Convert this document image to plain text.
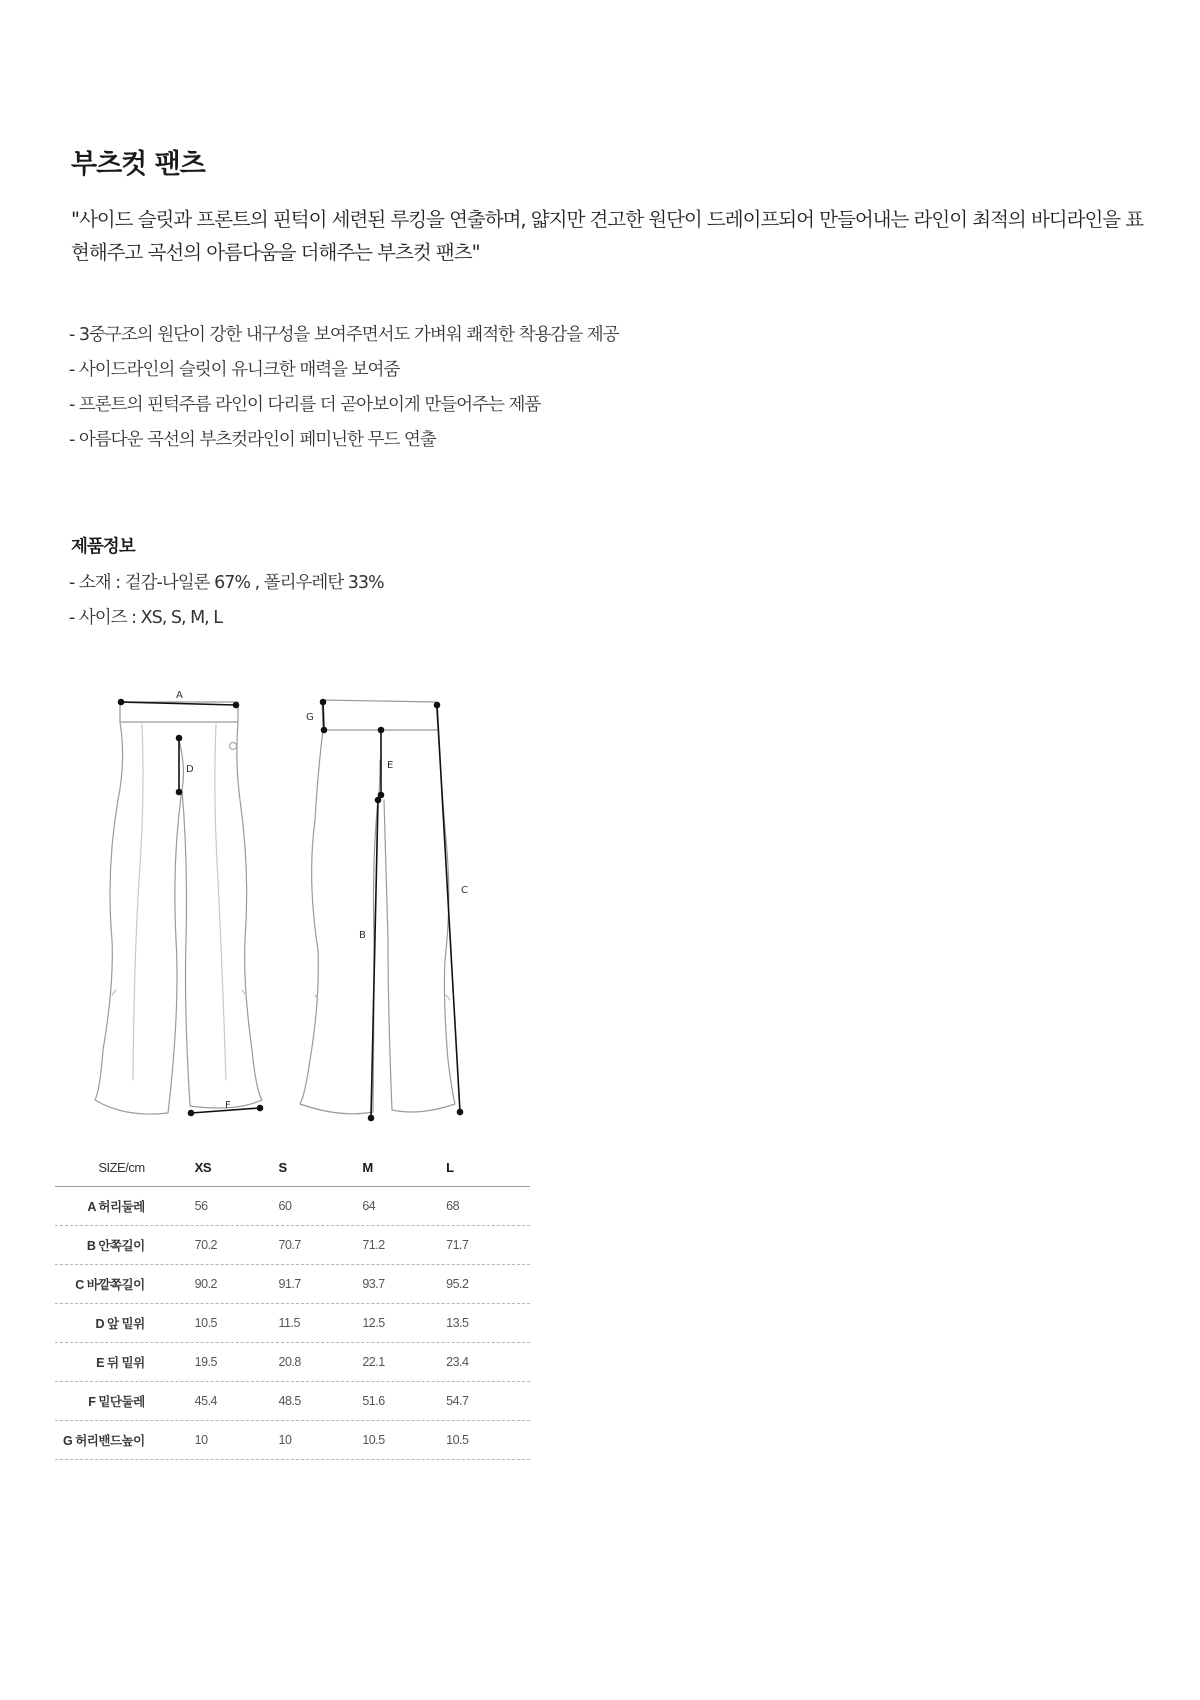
부츠컷 팬츠
"사이드 슬릿과 프론트의 핀턱이 세련된 루킹을 연출하며, 얇지만 견고한 원단이 드레이프되어 만들어내는 라인이 최적의 바디라인을 표현해주고 곡선의 아름다움을 더해주는 부츠컷 팬츠"
- 3중구조의 원단이 강한 내구성을 보여주면서도 가벼워 쾌적한 착용감을 제공
- 사이드라인의 슬릿이 유니크한 매력을 보여줌
- 프론트의 핀턱주름 라인이 다리를 더 곧아보이게 만들어주는 제품
- 아름다운 곡선의 부츠컷라인이 페미닌한 무드 연출
제품정보
- 소재 : 겉감-나일론 67% , 폴리우레탄 33%
- 사이즈 : XS, S, M, L
A
D
F
G
E
B
C
SIZE/cm	XS	S	M	L
A 허리둘레	56	60	64	68
B 안쪽길이	70.2	70.7	71.2	71.7
C 바깥쪽길이	90.2	91.7	93.7	95.2
D 앞 밑위	10.5	11.5	12.5	13.5
E 뒤 밑위	19.5	20.8	22.1	23.4
F 밑단둘레	45.4	48.5	51.6	54.7
G 허리밴드높이	10	10	10.5	10.5
